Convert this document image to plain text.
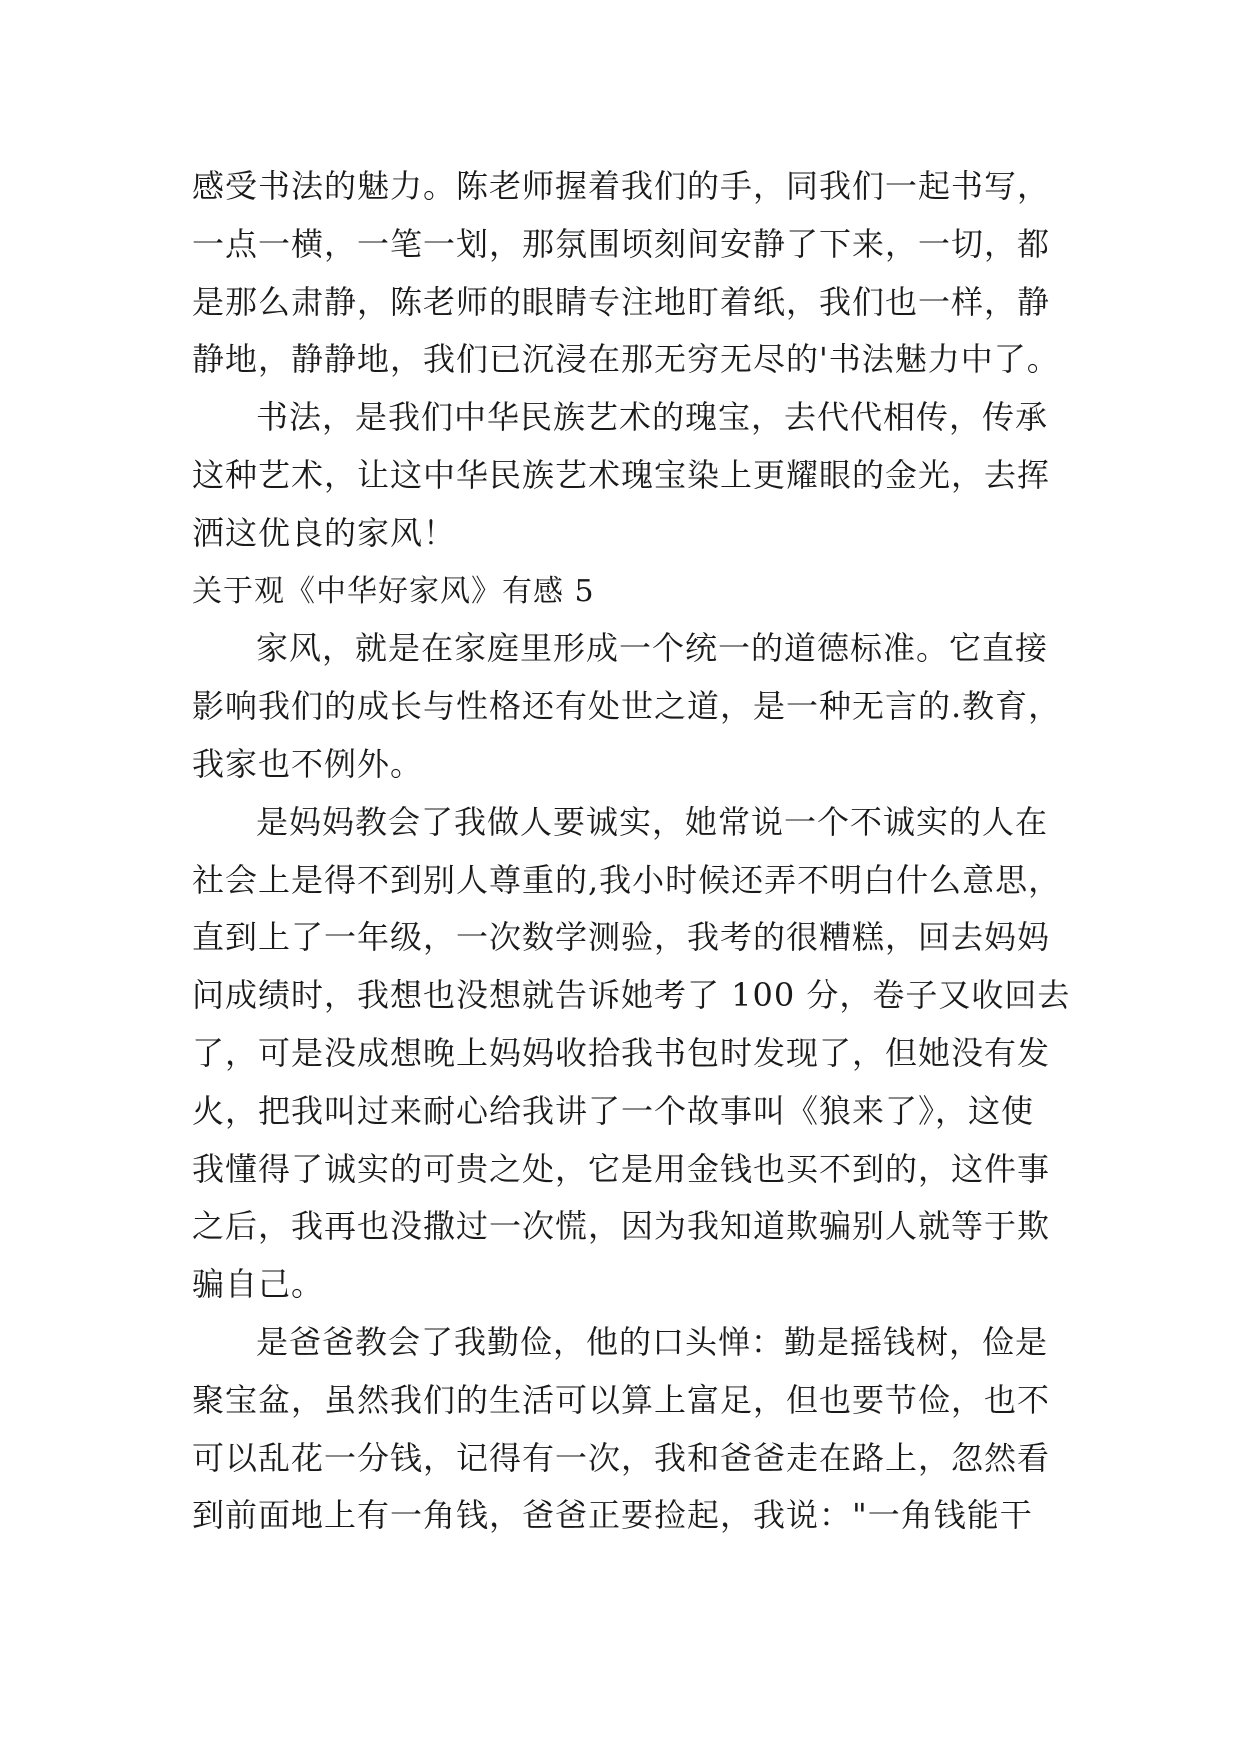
感受书法的魅力。陈老师握着我们的手，同我们一起书写，
一点一横，一笔一划，那氛围顷刻间安静了下来，一切，都
是那么肃静，陈老师的眼睛专注地盯着纸，我们也一样，静
静地，静静地，我们已沉浸在那无穷无尽的'书法魅力中了。
书法，是我们中华民族艺术的瑰宝，去代代相传，传承
这种艺术，让这中华民族艺术瑰宝染上更耀眼的金光，去挥
洒这优良的家风！
关于观《中华好家风》有感 5
家风，就是在家庭里形成一个统一的道德标准。它直接
影响我们的成长与性格还有处世之道，是一种无言的.教育，
我家也不例外。
是妈妈教会了我做人要诚实，她常说一个不诚实的人在
社会上是得不到别人尊重的,我小时候还弄不明白什么意思，
直到上了一年级，一次数学测验，我考的很糟糕，回去妈妈
问成绩时，我想也没想就告诉她考了 100 分，卷子又收回去
了，可是没成想晚上妈妈收拾我书包时发现了，但她没有发
火，把我叫过来耐心给我讲了一个故事叫《狼来了》，这使
我懂得了诚实的可贵之处，它是用金钱也买不到的，这件事
之后，我再也没撒过一次慌，因为我知道欺骗别人就等于欺
骗自己。
是爸爸教会了我勤俭，他的口头惮：勤是摇钱树，俭是
聚宝盆，虽然我们的生活可以算上富足，但也要节俭，也不
可以乱花一分钱，记得有一次，我和爸爸走在路上，忽然看
到前面地上有一角钱，爸爸正要捡起，我说："一角钱能干
